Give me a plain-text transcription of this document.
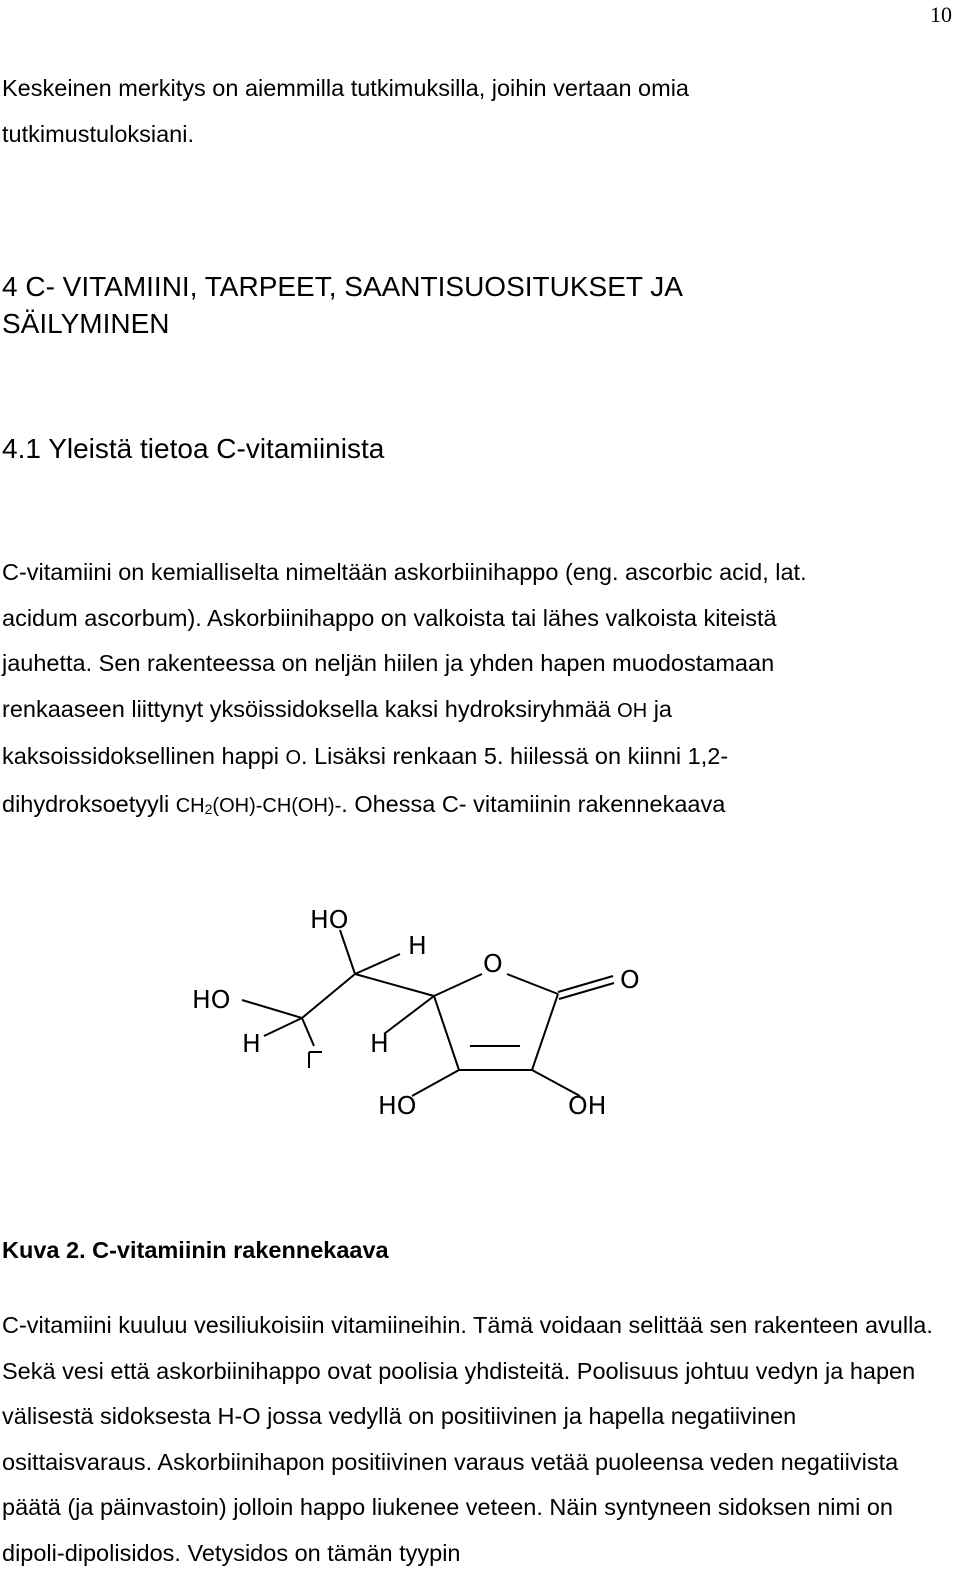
10

Keskeinen merkitys on aiemmilla tutkimuksilla, joihin vertaan omia tutkimustuloksiani.

4 C- VITAMIINI, TARPEET, SAANTISUOSITUKSET JA SÄILYMINEN
4.1 Yleistä tietoa C-vitamiinista

C-vitamiini on kemialliselta nimeltään askorbiinihappo (eng. ascorbic acid, lat. acidum ascorbum). Askorbiinihappo on valkoista tai lähes valkoista kiteistä jauhetta. Sen rakenteessa on neljän hiilen ja yhden hapen muodostamaan renkaaseen liittynyt yksöissidoksella kaksi hydroksiryhmää OH ja kaksoissidoksellinen happi O. Lisäksi renkaan 5. hiilessä on kiinni 1,2-dihydroksoetyyli $CH_2(OH)-CH(OH)-$. Ohessa C- vitamiinin rakennekaava

HO
H
O
O
HO
H	H
HO	OH

Kuva 2. C-vitamiinin rakennekaava

C-vitamiini kuuluu vesiliukoisiin vitamiineihin. Tämä voidaan selittää sen rakenteen avulla. Sekä vesi että askorbiinihappo ovat poolisia yhdisteitä. Poolisuus johtuu vedyn ja hapen välisestä sidoksesta H-O jossa vedyllä on positiivinen ja hapella negatiivinen osittaisvaraus. Askorbiinihapon positiivinen varaus vetää puoleensa veden negatiivista päätä (ja päinvastoin) jolloin happo liukenee veteen. Näin syntyneen sidoksen nimi on dipoli-dipolisidos. Vetysidos on tämän tyypin
